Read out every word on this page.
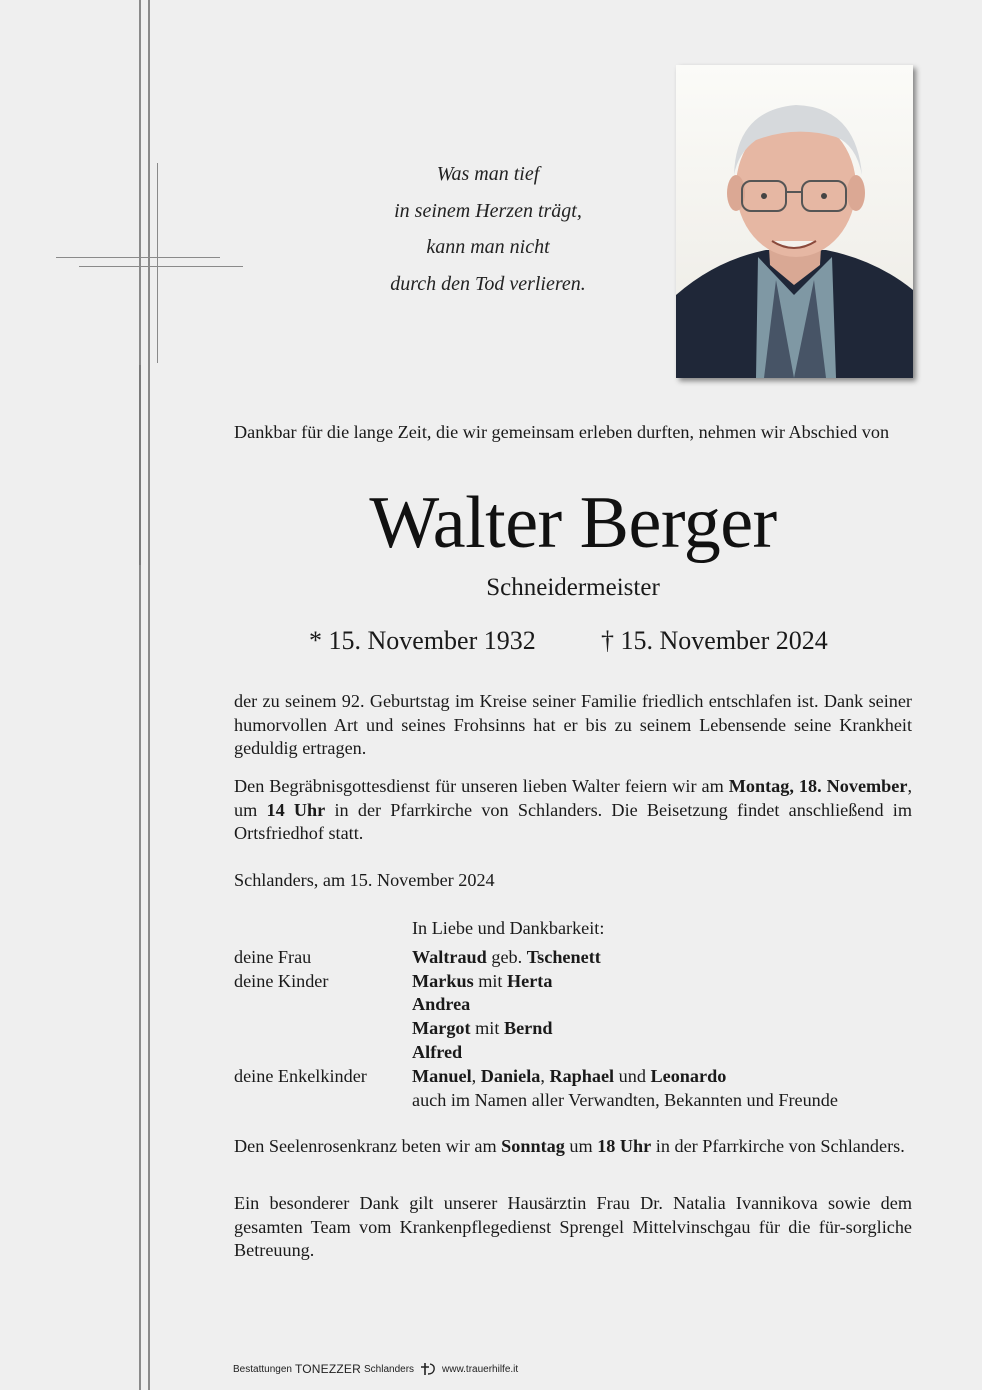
Was man tief
in seinem Herzen trägt,
kann man nicht
durch den Tod verlieren.
Dankbar für die lange Zeit, die wir gemeinsam erleben durften, nehmen wir Abschied von
Walter Berger
Schneidermeister
* 15. November 1932	† 15. November 2024
der zu seinem 92. Geburtstag im Kreise seiner Familie friedlich entschlafen ist. Dank seiner humorvollen Art und seines Frohsinns hat er bis zu seinem Lebensende seine Krankheit geduldig ertragen.
Den Begräbnisgottesdienst für unseren lieben Walter feiern wir am Montag, 18. November, um 14 Uhr in der Pfarrkirche von Schlanders. Die Beisetzung findet anschließend im Ortsfriedhof statt.
Schlanders, am 15. November 2024
In Liebe und Dankbarkeit:
deine Frau	Waltraud geb. Tschenett
deine Kinder	Markus mit Herta
Andrea
Margot mit Bernd
Alfred
deine Enkelkinder	Manuel, Daniela, Raphael und Leonardo
auch im Namen aller Verwandten, Bekannten und Freunde
Den Seelenrosenkranz beten wir am Sonntag um 18 Uhr in der Pfarrkirche von Schlanders.
Ein besonderer Dank gilt unserer Hausärztin Frau Dr. Natalia Ivannikova sowie dem gesamten Team vom Krankenpflegedienst Sprengel Mittelvinschgau für die für-sorgliche Betreuung.
Bestattungen TONEZZER Schlanders	www.trauerhilfe.it
